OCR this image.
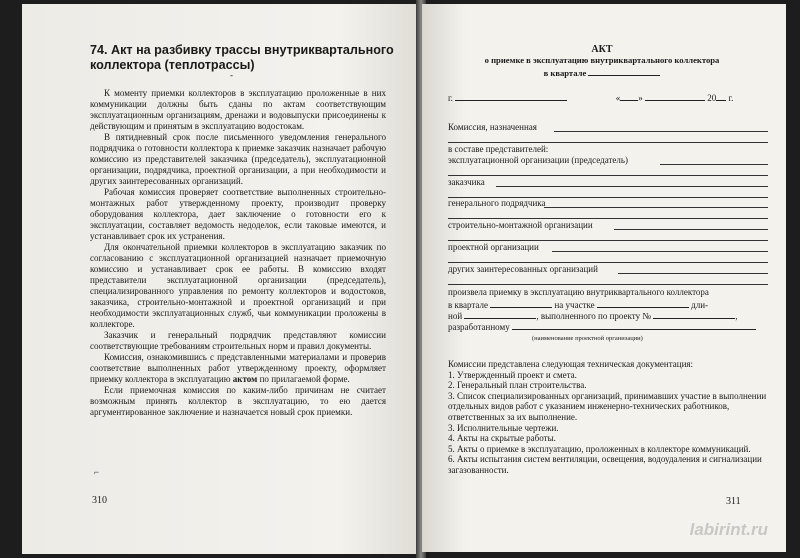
74. Акт на разбивку трассы внутриквартального коллектора (теплотрассы)
-

К моменту приемки коллекторов в эксплуатацию проложенные в них коммуникации должны быть сданы по актам соответствующим эксплуатационным организациям, дренажи и водовыпуски присоединены к действующим и принятым в эксплуатацию водостокам.

В пятидневный срок после письменного уведомления генерального подрядчика о готовности коллектора к приемке заказчик назначает рабочую комиссию из представителей заказчика (председатель), эксплуатационной организации, подрядчика, проектной организации, а при необходимости и других заинтересованных организаций.

Рабочая комиссия проверяет соответствие выполненных строительно-монтажных работ утвержденному проекту, производит проверку оборудования коллектора, дает заключение о готовности его к эксплуатации, составляет ведомость недоделок, если таковые имеются, и устанавливает срок их устранения.

Для окончательной приемки коллекторов в эксплуатацию заказчик по согласованию с эксплуатационной организацией назначает приемочную комиссию и устанавливает срок ее работы. В комиссию входят представители эксплуатационной организации (председатель), специализированного управления по ремонту коллекторов и водостоков, заказчика, строительно-монтажной и проектной организаций и при необходимости эксплуатационных служб, чьи коммуникации проложены в коллекторе.

Заказчик и генеральный подрядчик представляют комиссии соответствующие требованиям строительных норм и правил документы.

Комиссия, ознакомившись с представленными материалами и проверив соответствие выполненных работ утвержденному проекту, оформляет приемку коллектора в эксплуатацию актом по прилагаемой форме.

Если приемочная комиссия по каким-либо причинам не считает возможным принять коллектор в эксплуатацию, то ею дается аргументированное заключение и назначается новый срок приемки.

⌐
310
АКТ
о приемке в эксплуатацию внутриквартального коллектора
в квартале
г.	« »	20 г.
Комиссия, назначенная
в составе представителей:
эксплуатационной организации (председатель)
заказчика
генерального подрядчика
строительно-монтажной организации
проектной организации
других заинтересованных организаций
произвела приемку в эксплуатацию внутриквартального коллектора
в квартале	на участке	дли-
ной	, выполненного по проекту №	,
разработанному
(наименование проектной организации)
Комиссии представлена следующая техническая документация:
1. Утвержденный проект и смета.
2. Генеральный план строительства.
3. Список специализированных организаций, принимавших участие в выполнении отдельных видов работ с указанием инженерно-технических работников, ответственных за их выполнение.
3. Исполнительные чертежи.
4. Акты на скрытые работы.
5. Акты о приемке в эксплуатацию, проложенных в коллекторе коммуникаций.
6. Акты испытания систем вентиляции, освещения, водоудаления и сигнализации загазованности.
311
labirint.ru
